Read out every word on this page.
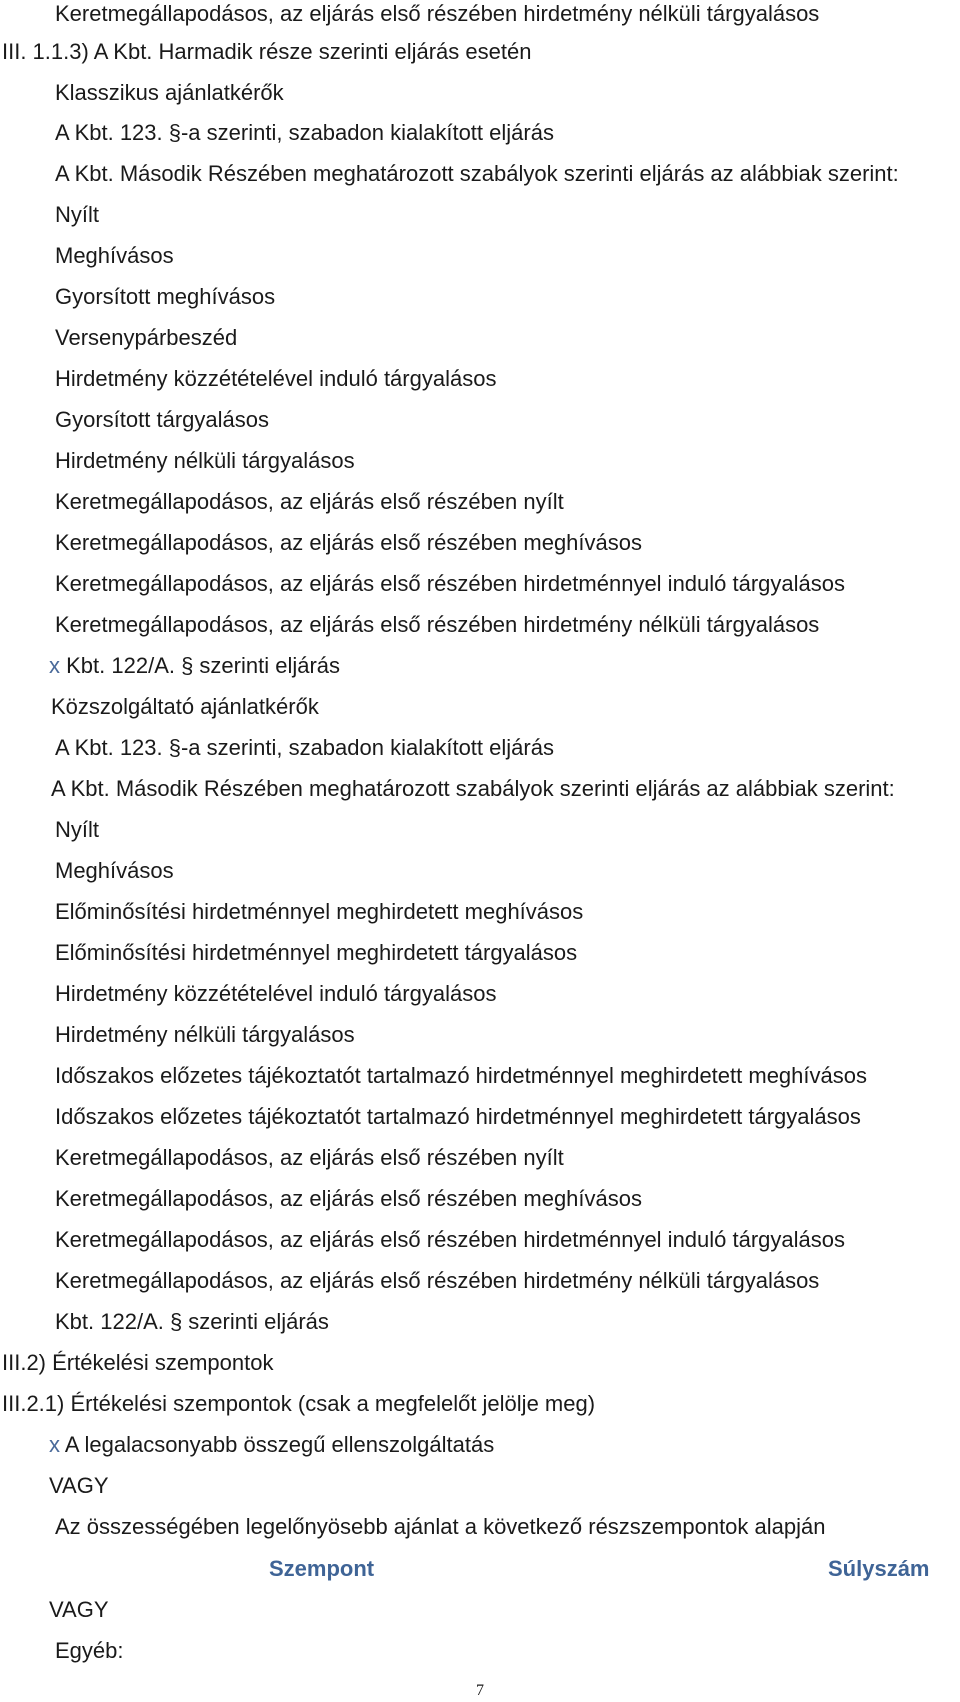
Keretmegállapodásos, az eljárás első részében hirdetmény nélküli tárgyalásos
III. 1.1.3) A Kbt. Harmadik része szerinti eljárás esetén
Klasszikus ajánlatkérők
A Kbt. 123. §-a szerinti, szabadon kialakított eljárás
A Kbt. Második Részében meghatározott szabályok szerinti eljárás az alábbiak szerint:
Nyílt
Meghívásos
Gyorsított meghívásos
Versenypárbeszéd
Hirdetmény közzétételével induló tárgyalásos
Gyorsított tárgyalásos
Hirdetmény nélküli tárgyalásos
Keretmegállapodásos, az eljárás első részében nyílt
Keretmegállapodásos, az eljárás első részében meghívásos
Keretmegállapodásos, az eljárás első részében hirdetménnyel induló tárgyalásos
Keretmegállapodásos, az eljárás első részében hirdetmény nélküli tárgyalásos
x Kbt. 122/A. § szerinti eljárás
Közszolgáltató ajánlatkérők
A Kbt. 123. §-a szerinti, szabadon kialakított eljárás
A Kbt. Második Részében meghatározott szabályok szerinti eljárás az alábbiak szerint:
Nyílt
Meghívásos
Előminősítési hirdetménnyel meghirdetett meghívásos
Előminősítési hirdetménnyel meghirdetett tárgyalásos
Hirdetmény közzétételével induló tárgyalásos
Hirdetmény nélküli tárgyalásos
Időszakos előzetes tájékoztatót tartalmazó hirdetménnyel meghirdetett meghívásos
Időszakos előzetes tájékoztatót tartalmazó hirdetménnyel meghirdetett tárgyalásos
Keretmegállapodásos, az eljárás első részében nyílt
Keretmegállapodásos, az eljárás első részében meghívásos
Keretmegállapodásos, az eljárás első részében hirdetménnyel induló tárgyalásos
Keretmegállapodásos, az eljárás első részében hirdetmény nélküli tárgyalásos
Kbt. 122/A. § szerinti eljárás
III.2) Értékelési szempontok
III.2.1) Értékelési szempontok (csak a megfelelőt jelölje meg)
x A legalacsonyabb összegű ellenszolgáltatás
VAGY
Az összességében legelőnyösebb ajánlat a következő részszempontok alapján
Szempont	Súlyszám
VAGY
Egyéb:
7
